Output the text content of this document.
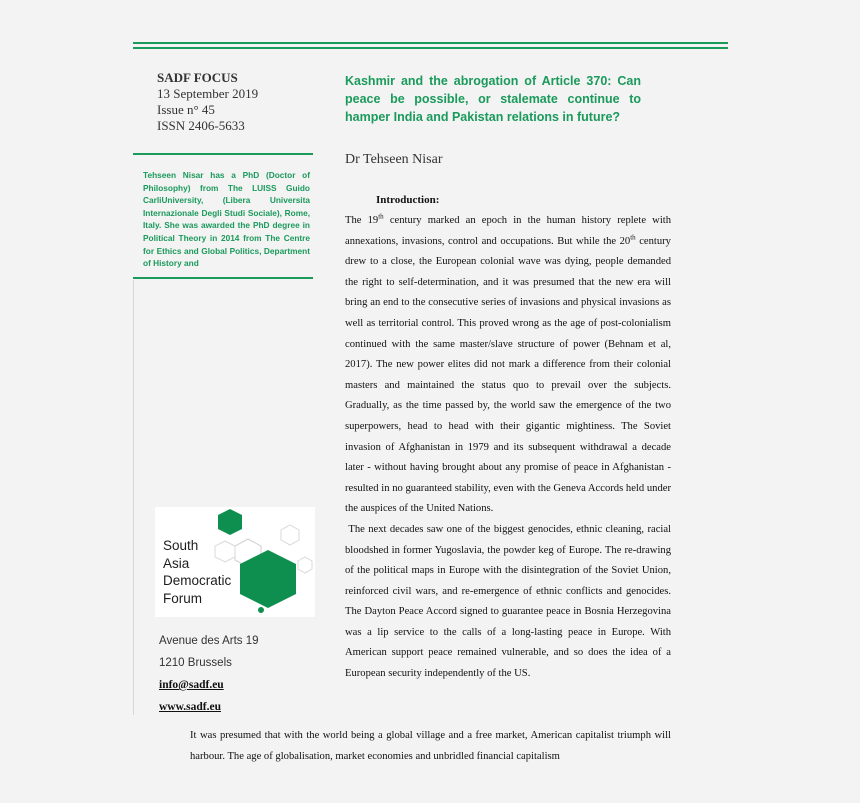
SADF FOCUS
13 September 2019
Issue n° 45
ISSN 2406-5633
Kashmir and the abrogation of Article 370: Can peace be possible, or stalemate continue to hamper India and Pakistan relations in future?
Dr Tehseen Nisar
Tehseen Nisar has a PhD (Doctor of Philosophy) from The LUISS Guido CarliUniversity, (Libera Universita Internazionale Degli Studi Sociale), Rome, Italy. She was awarded the PhD degree in Political Theory in 2014 from The Centre for Ethics and Global Politics, Department of History and
South
Asia
Democratic
Forum
Avenue des Arts 19
1210 Brussels
info@sadf.eu
www.sadf.eu
Introduction:

The 19th century marked an epoch in the human history replete with annexations, invasions, control and occupations. But while the 20th century drew to a close, the European colonial wave was dying, people demanded the right to self-determination, and it was presumed that the new era will bring an end to the consecutive series of invasions and physical invasions as well as territorial control. This proved wrong as the age of post-colonialism continued with the same master/slave structure of power (Behnam et al, 2017). The new power elites did not mark a difference from their colonial masters and maintained the status quo to prevail over the subjects. Gradually, as the time passed by, the world saw the emergence of the two superpowers, head to head with their gigantic mightiness. The Soviet invasion of Afghanistan in 1979 and its subsequent withdrawal a decade later - without having brought about any promise of peace in Afghanistan - resulted in no guaranteed stability, even with the Geneva Accords held under the auspices of the United Nations.

The next decades saw one of the biggest genocides, ethnic cleaning, racial bloodshed in former Yugoslavia, the powder keg of Europe. The re-drawing of the political maps in Europe with the disintegration of the Soviet Union, reinforced civil wars, and re-emergence of ethnic conflicts and genocides. The Dayton Peace Accord signed to guarantee peace in Bosnia Herzegovina was a lip service to the calls of a long-lasting peace in Europe. With American support peace remained vulnerable, and so does the idea of a European security independently of the US.

It was presumed that with the world being a global village and a free market, American capitalist triumph will harbour. The age of globalisation, market economies and unbridled financial capitalism
